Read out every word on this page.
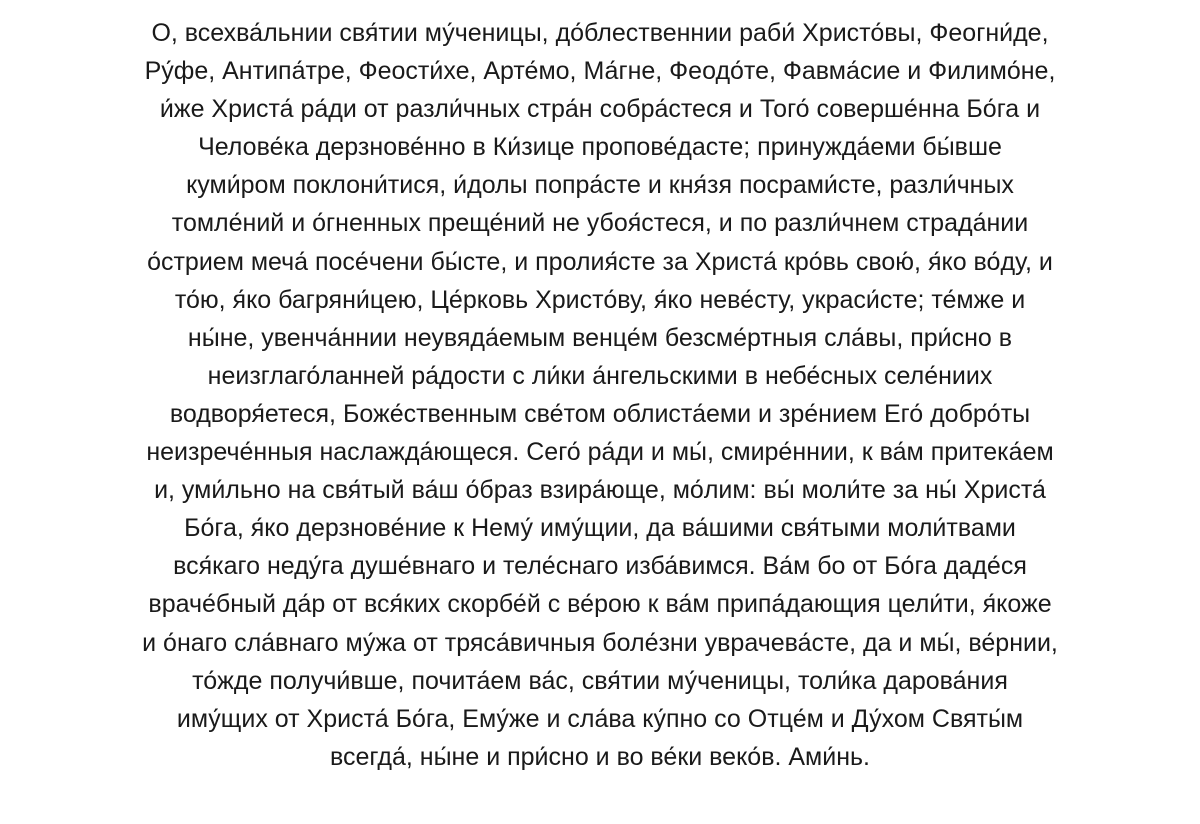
О, всехва́льнии свя́тии му́ченицы, до́блественнии раби́ Христо́вы, Феогни́де,
Ру́фе, Антипа́тре, Феости́хе, Арте́мо, Ма́гне, Феодо́те, Фавма́сие и Филимо́не,
и́же Христа́ ра́ди от разли́чных стра́н собра́стеся и Того́ соверше́нна Бо́га и
Челове́ка дерзнове́нно в Ки́зице пропове́дасте; принужда́еми бы́вше
куми́ром поклони́тися, и́долы попра́сте и кня́зя посрами́сте, разли́чных
томле́ний и о́гненных преще́ний не убоя́стеся, и по разли́чнем страда́нии
о́стрием меча́ посе́чени бы́сте, и пролия́сте за Христа́ кро́вь свою́, я́ко во́ду, и
то́ю, я́ко багряни́цею, Це́рковь Христо́ву, я́ко неве́сту, украси́сте; те́мже и
ны́не, увенча́ннии неувяда́емым венце́м безсме́ртныя сла́вы, при́сно в
неизглаго́ланней ра́дости с ли́ки а́нгельскими в небе́сных селе́ниих
водворя́етеся, Боже́ственным све́том облиста́еми и зре́нием Его́ добро́ты
неизрече́нныя наслажда́ющеся. Сего́ ра́ди и мы́, смире́ннии, к ва́м притека́ем
и, уми́льно на свя́тый ва́ш о́браз взира́юще, мо́лим: вы́ моли́те за ны́ Христа́
Бо́га, я́ко дерзнове́ние к Нему́ иму́щии, да ва́шими свя́тыми моли́твами
вся́каго неду́га душе́внаго и теле́снаго изба́вимся. Ва́м бо от Бо́га даде́ся
враче́бный да́р от вся́ких скорбе́й с ве́рою к ва́м припа́дающия цели́ти, я́коже
и о́наго сла́внаго му́жа от тряса́вичныя боле́зни уврачева́сте, да и мы́, ве́рнии,
то́жде получи́вше, почита́ем ва́с, свя́тии му́ченицы, толи́ка дарова́ния
иму́щих от Христа́ Бо́га, Ему́же и сла́ва ку́пно со Отце́м и Ду́хом Святы́м
всегда́, ны́не и при́сно и во ве́ки веко́в. Ами́нь.
